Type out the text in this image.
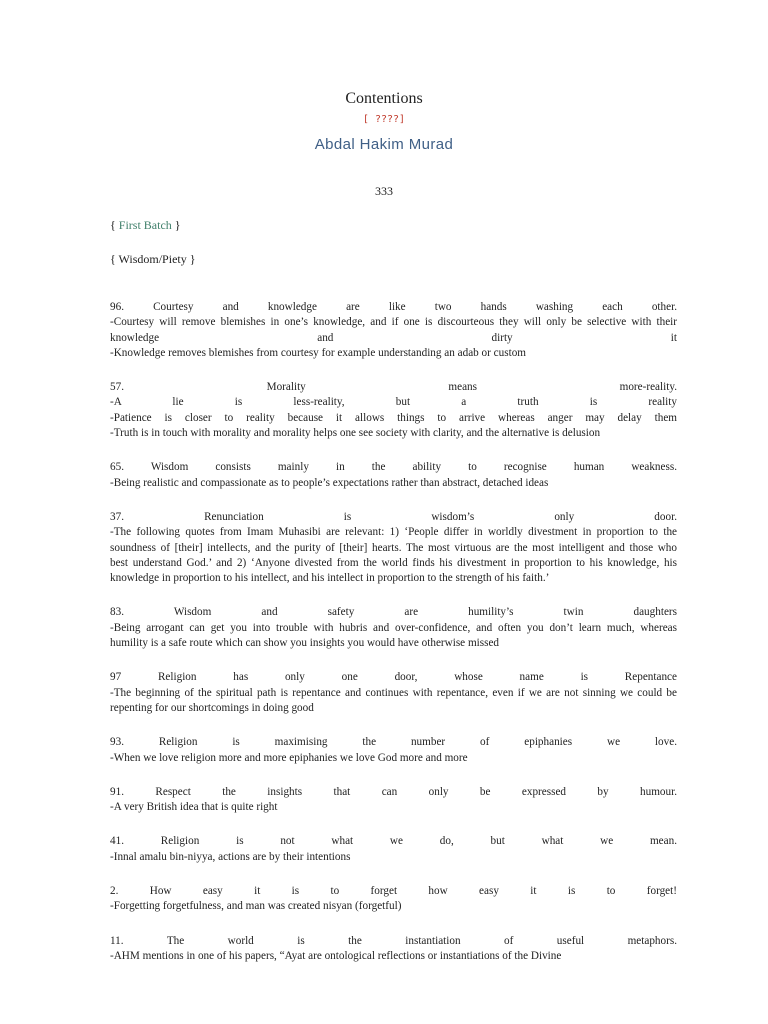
Contentions
[ ????]
Abdal Hakim Murad
333
{ First Batch }
{ Wisdom/Piety }
96. Courtesy and knowledge are like two hands washing each other.
-Courtesy will remove blemishes in one’s knowledge, and if one is discourteous they will only be selective with their
knowledge and dirty it
-Knowledge removes blemishes from courtesy for example understanding an adab or custom
57. Morality means more-reality.
-A lie is less-reality, but a truth is reality
-Patience is closer to reality because it allows things to arrive whereas anger may delay them
-Truth is in touch with morality and morality helps one see society with clarity, and the alternative is delusion
65. Wisdom consists mainly in the ability to recognise human weakness.
-Being realistic and compassionate as to people’s expectations rather than abstract, detached ideas
37. Renunciation is wisdom’s only door.
-The following quotes from Imam Muhasibi are relevant: 1) ‘People differ in worldly divestment in proportion to the
soundness of [their] intellects, and the purity of [their] hearts. The most virtuous are the most intelligent and those who
best understand God.’ and 2) ‘Anyone divested from the world finds his divestment in proportion to his knowledge, his
knowledge in proportion to his intellect, and his intellect in proportion to the strength of his faith.’
83. Wisdom and safety are humility’s twin daughters
-Being arrogant can get you into trouble with hubris and over-confidence, and often you don’t learn much, whereas
humility is a safe route which can show you insights you would have otherwise missed
97 Religion has only one door, whose name is Repentance
-The beginning of the spiritual path is repentance and continues with repentance, even if we are not sinning we could be
repenting for our shortcomings in doing good
93. Religion is maximising the number of epiphanies we love.
-When we love religion more and more epiphanies we love God more and more
91. Respect the insights that can only be expressed by humour.
-A very British idea that is quite right
41. Religion is not what we do, but what we mean.
-Innal amalu bin-niyya, actions are by their intentions
2. How easy it is to forget how easy it is to forget!
-Forgetting forgetfulness, and man was created nisyan (forgetful)
11. The world is the instantiation of useful metaphors.
-AHM mentions in one of his papers, “Ayat are ontological reflections or instantiations of the Divine
